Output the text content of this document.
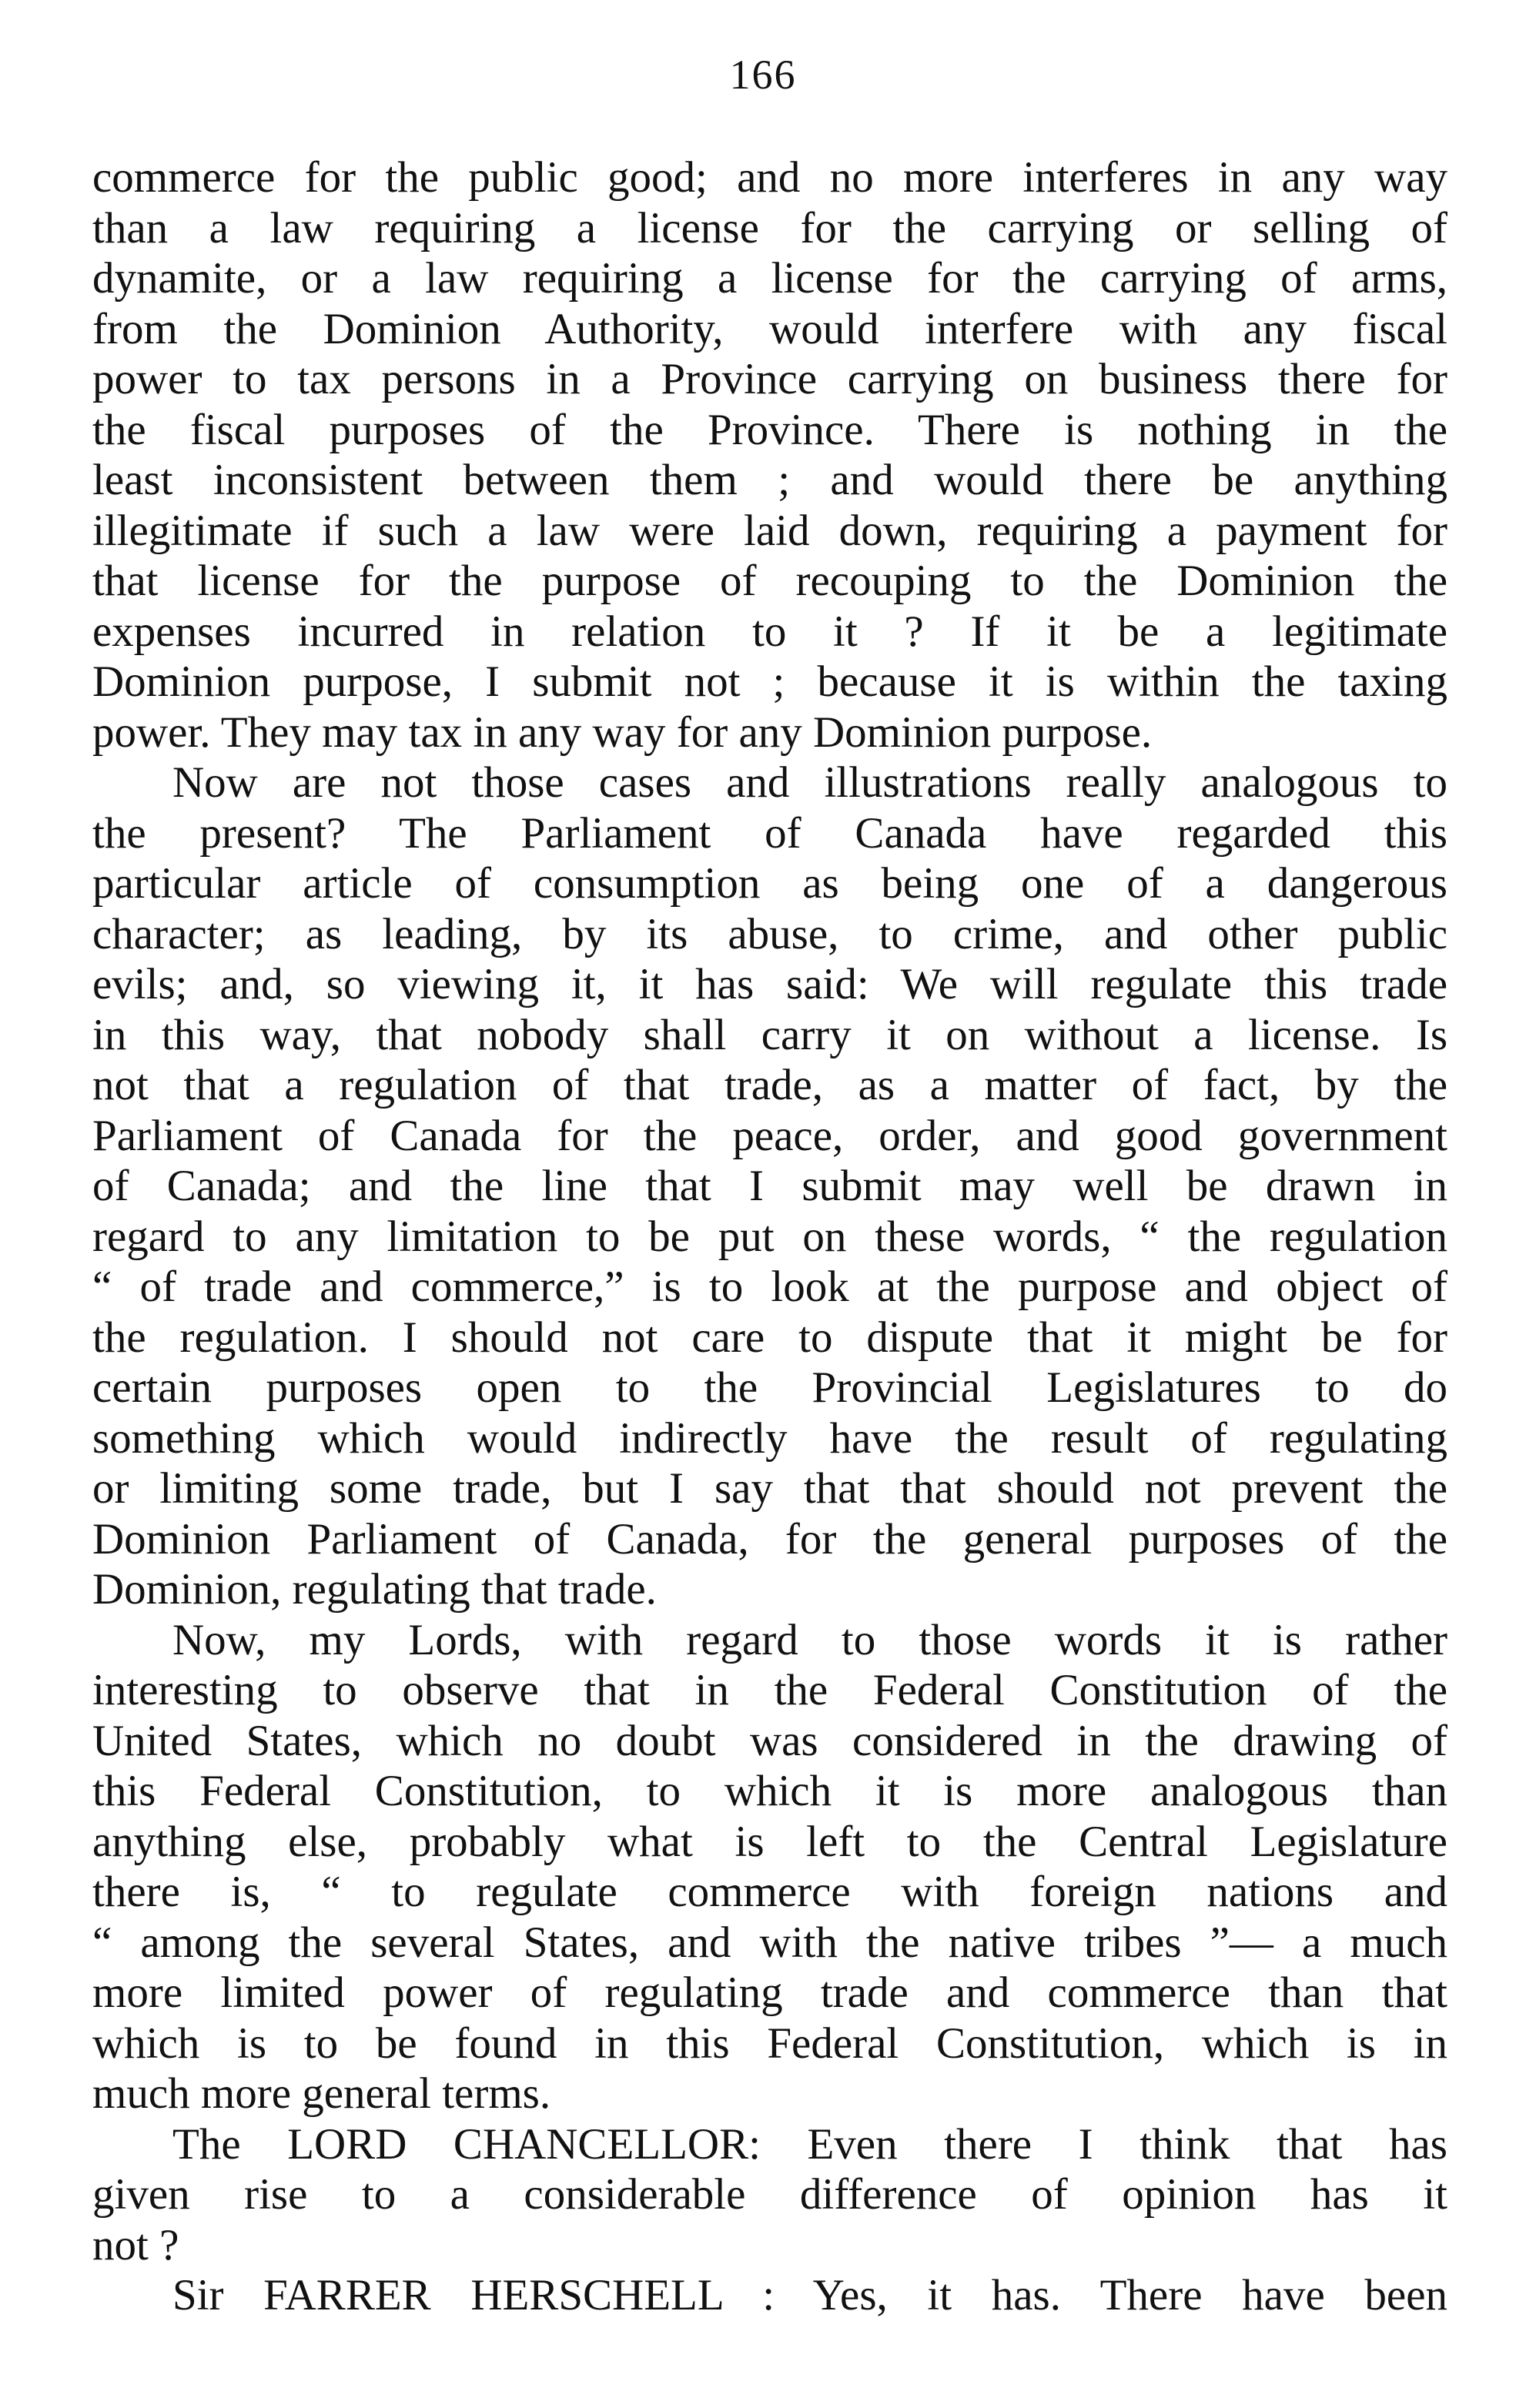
166
commerce for the public good; and no more interferes in any way
than a law requiring a license for the carrying or selling of
dynamite, or a law requiring a license for the carrying of arms,
from the Dominion Authority, would interfere with any fiscal
power to tax persons in a Province carrying on business there for
the fiscal purposes of the Province. There is nothing in the
least inconsistent between them ; and would there be anything
illegitimate if such a law were laid down, requiring a payment for
that license for the purpose of recouping to the Dominion the
expenses incurred in relation to it ? If it be a legitimate
Dominion purpose, I submit not ; because it is within the taxing
power. They may tax in any way for any Dominion purpose.
Now are not those cases and illustrations really analogous to
the present? The Parliament of Canada have regarded this
particular article of consumption as being one of a dangerous
character; as leading, by its abuse, to crime, and other public
evils; and, so viewing it, it has said: We will regulate this trade
in this way, that nobody shall carry it on without a license. Is
not that a regulation of that trade, as a matter of fact, by the
Parliament of Canada for the peace, order, and good government
of Canada; and the line that I submit may well be drawn in
regard to any limitation to be put on these words, “ the regulation
“ of trade and commerce,” is to look at the purpose and object of
the regulation. I should not care to dispute that it might be for
certain purposes open to the Provincial Legislatures to do
something which would indirectly have the result of regulating
or limiting some trade, but I say that that should not prevent the
Dominion Parliament of Canada, for the general purposes of the
Dominion, regulating that trade.
Now, my Lords, with regard to those words it is rather
interesting to observe that in the Federal Constitution of the
United States, which no doubt was considered in the drawing of
this Federal Constitution, to which it is more analogous than
anything else, probably what is left to the Central Legislature
there is, “ to regulate commerce with foreign nations and
“ among the several States, and with the native tribes ”— a much
more limited power of regulating trade and commerce than that
which is to be found in this Federal Constitution, which is in
much more general terms.
The LORD CHANCELLOR: Even there I think that has
given rise to a considerable difference of opinion has it
not ?
Sir FARRER HERSCHELL : Yes, it has. There have been
